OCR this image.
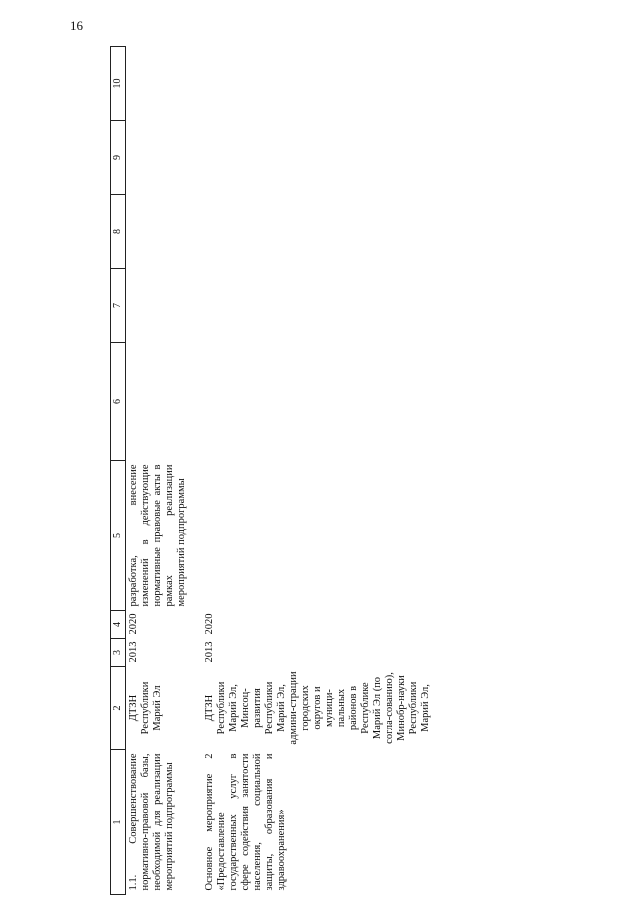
16
1	2	3	4	5	6	7	8	9	10
1.1. Совершенствование нормативно-правовой базы, необходимой для реализации мероприятий подпрограммы	ДТЗН Республики Марий Эл	2013	2020	разработка, внесение изменений в действующие нормативные правовые акты в рамках реализации мероприятий подпрограммы					
Основное мероприятие 2 «Предоставление государственных услуг в сфере содействия занятости населения, социальной защиты, образования и здравоохранения»	ДТЗН Республики Марий Эл, Минсоц-развития Республики Марий Эл, админи-страции городских округов и муници-пальных районов в Республике Марий Эл (по согла-сованию), Минобр-науки Республики Марий Эл,	2013	2020						
